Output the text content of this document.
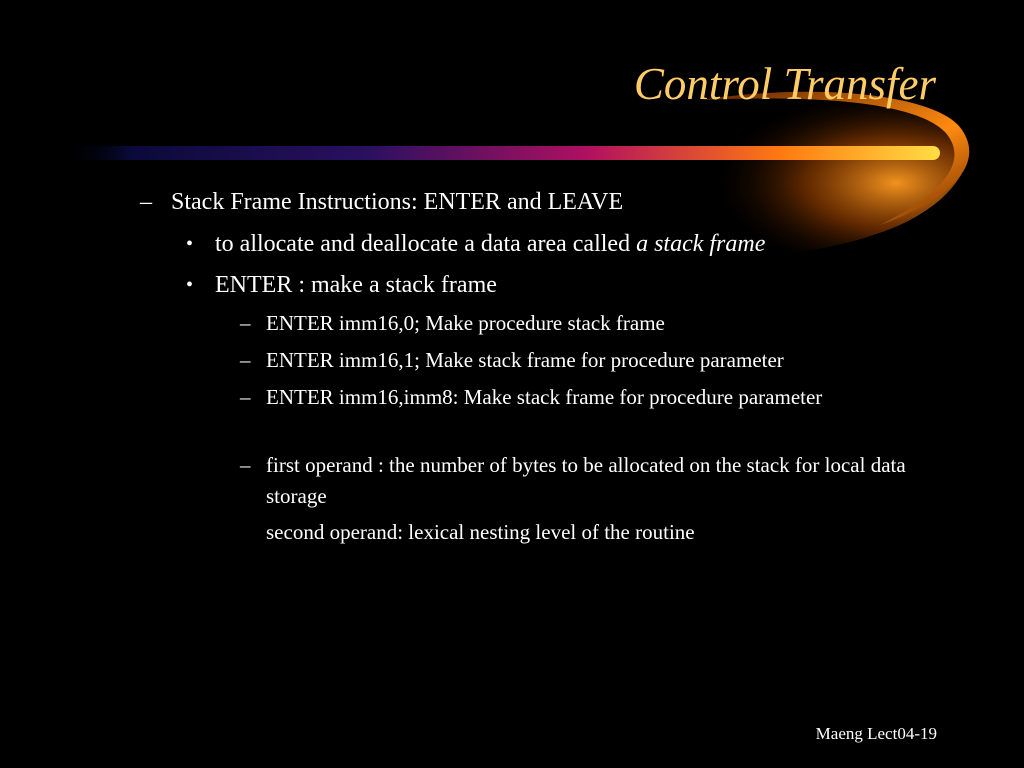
Control Transfer
– Stack Frame Instructions: ENTER and LEAVE
• to allocate and deallocate a data area called a stack frame
• ENTER : make a stack frame
– ENTER imm16,0; Make procedure stack frame
– ENTER imm16,1; Make stack frame for procedure parameter
– ENTER imm16,imm8: Make stack frame for procedure parameter
– first operand : the number of bytes to be allocated on the stack for local data storage
second operand: lexical nesting level of the routine
Maeng Lect04-19
